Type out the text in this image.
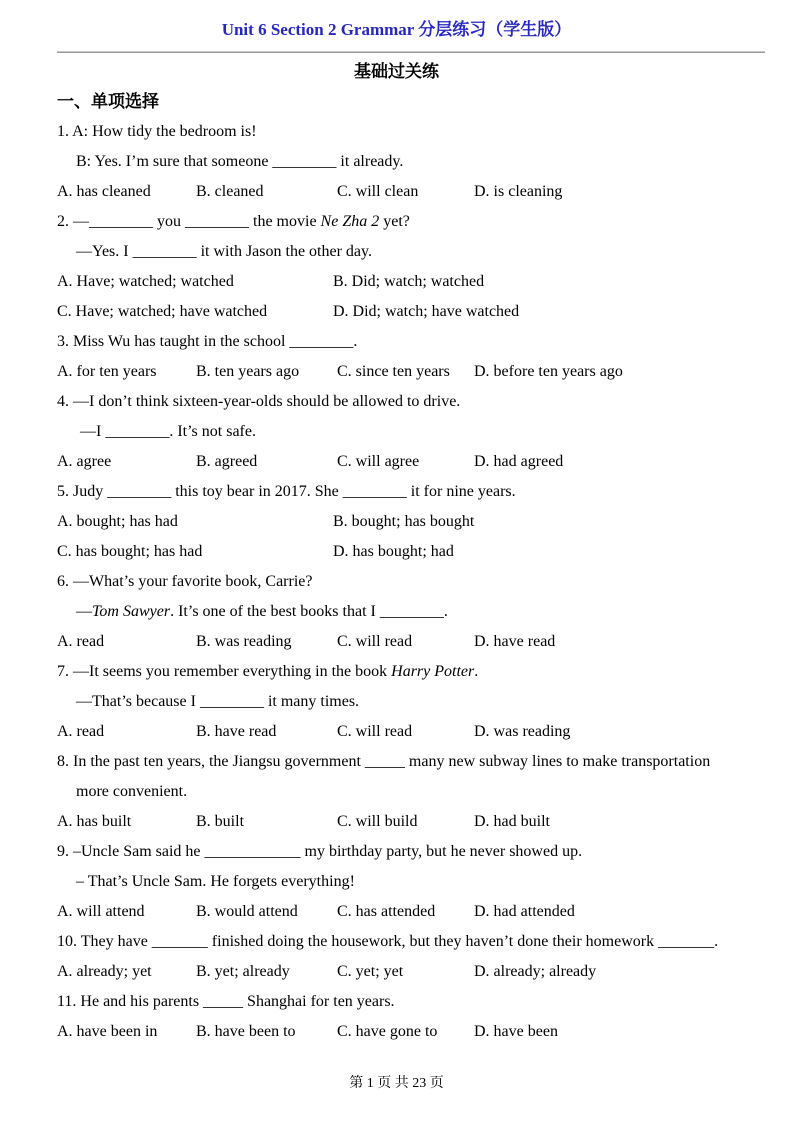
Unit 6 Section 2 Grammar 分层练习（学生版）
基础过关练
一、单项选择
1. A: How tidy the bedroom is!
B: Yes. I’m sure that someone ________ it already.
A. has cleaned	B. cleaned	C. will clean	D. is cleaning
2. —________ you ________ the movie Ne Zha 2 yet?
—Yes. I ________ it with Jason the other day.
A. Have; watched; watched	B. Did; watch; watched
C. Have; watched; have watched	D. Did; watch; have watched
3. Miss Wu has taught in the school ________.
A. for ten years	B. ten years ago	C. since ten years	D. before ten years ago
4. —I don’t think sixteen-year-olds should be allowed to drive.
—I ________. It’s not safe.
A. agree	B. agreed	C. will agree	D. had agreed
5. Judy ________ this toy bear in 2017. She ________ it for nine years.
A. bought; has had	B. bought; has bought
C. has bought; has had	D. has bought; had
6. —What’s your favorite book, Carrie?
—Tom Sawyer. It’s one of the best books that I ________.
A. read	B. was reading	C. will read	D. have read
7. —It seems you remember everything in the book Harry Potter.
—That’s because I ________ it many times.
A. read	B. have read	C. will read	D. was reading
8. In the past ten years, the Jiangsu government _____ many new subway lines to make transportation
more convenient.
A. has built	B. built	C. will build	D. had built
9. –Uncle Sam said he ____________ my birthday party, but he never showed up.
– That’s Uncle Sam. He forgets everything!
A. will attend	B. would attend	C. has attended	D. had attended
10. They have _______ finished doing the housework, but they haven’t done their homework _______.
A. already; yet	B. yet; already	C. yet; yet	D. already; already
11. He and his parents _____ Shanghai for ten years.
A. have been in	B. have been to	C. have gone to	D. have been
第 1 页 共 23 页
